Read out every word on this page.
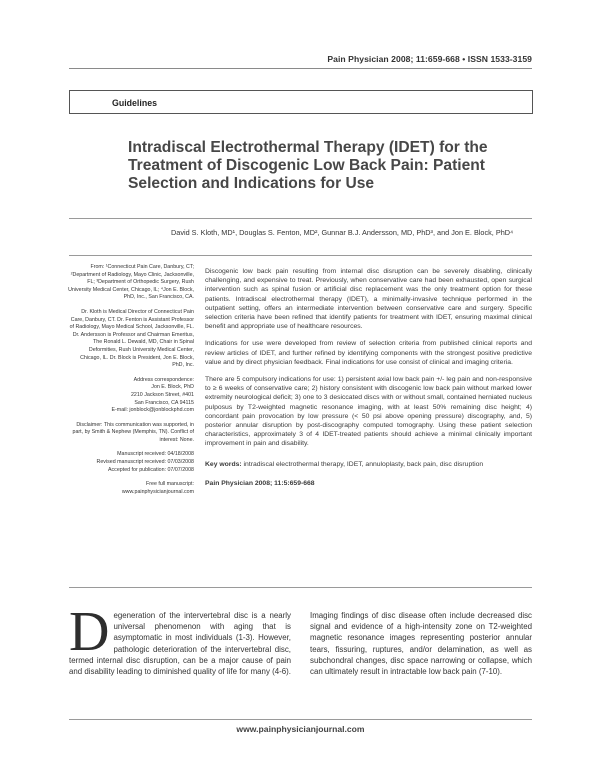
Pain Physician 2008; 11:659-668 • ISSN 1533-3159
Guidelines
Intradiscal Electrothermal Therapy (IDET) for the Treatment of Discogenic Low Back Pain: Patient Selection and Indications for Use
David S. Kloth, MD¹, Douglas S. Fenton, MD², Gunnar B.J. Andersson, MD, PhD³, and Jon E. Block, PhD⁴

From: ¹Connecticut Pain Care, Danbury, CT; ²Department of Radiology, Mayo Clinic, Jacksonville, FL; ³Department of Orthopedic Surgery, Rush University Medical Center, Chicago, IL; ⁴Jon E. Block, PhD, Inc., San Francisco, CA.

Dr. Kloth is Medical Director of Connecticut Pain Care, Danbury, CT. Dr. Fenton is Assistant Professor of Radiology, Mayo Medical School, Jacksonville, FL. Dr. Andersson is Professor and Chairman Emeritus, The Ronald L. Dewald, MD, Chair in Spinal Deformities, Rush University Medical Center, Chicago, IL. Dr. Block is President, Jon E. Block, PhD, Inc.

Address correspondence:
Jon E. Block, PhD
2210 Jackson Street, #401
San Francisco, CA 94115
E-mail: jonblock@jonblockphd.com

Disclaimer: This communication was supported, in part, by Smith & Nephew (Memphis, TN). Conflict of interest: None.

Manuscript received: 04/18/2008
Revised manuscript received: 07/03/2008
Accepted for publication: 07/07/2008

Free full manuscript:
www.painphysicianjournal.com

Discogenic low back pain resulting from internal disc disruption can be severely disabling, clinically challenging, and expensive to treat. Previously, when conservative care had been exhausted, open surgical intervention such as spinal fusion or artificial disc replacement was the only treatment option for these patients. Intradiscal electrothermal therapy (IDET), a minimally-invasive technique performed in the outpatient setting, offers an intermediate intervention between conservative care and surgery. Specific selection criteria have been refined that identify patients for treatment with IDET, ensuring maximal clinical benefit and appropriate use of healthcare resources.

Indications for use were developed from review of selection criteria from published clinical reports and review articles of IDET, and further refined by identifying components with the strongest positive predictive value and by direct physician feedback. Final indications for use consist of clinical and imaging criteria.

There are 5 compulsory indications for use: 1) persistent axial low back pain +/- leg pain and non-responsive to ≥ 6 weeks of conservative care; 2) history consistent with discogenic low back pain without marked lower extremity neurological deficit; 3) one to 3 desiccated discs with or without small, contained herniated nucleus pulposus by T2-weighted magnetic resonance imaging, with at least 50% remaining disc height; 4) concordant pain provocation by low pressure (< 50 psi above opening pressure) discography, and, 5) posterior annular disruption by post-discography computed tomography. Using these patient selection characteristics, approximately 3 of 4 IDET-treated patients should achieve a minimal clinically important improvement in pain and disability.

Key words: intradiscal electrothermal therapy, IDET, annuloplasty, back pain, disc disruption

Pain Physician 2008; 11:5:659-668

Degeneration of the intervertebral disc is a nearly universal phenomenon with aging that is asymptomatic in most individuals (1-3). However, pathologic deterioration of the intervertebral disc, termed internal disc disruption, can be a major cause of pain and disability leading to diminished quality of life for many (4-6).
Imaging findings of disc disease often include decreased disc signal and evidence of a high-intensity zone on T2-weighted magnetic resonance images representing posterior annular tears, fissuring, ruptures, and/or delamination, as well as subchondral changes, disc space narrowing or collapse, which can ultimately result in intractable low back pain (7-10).
www.painphysicianjournal.com
